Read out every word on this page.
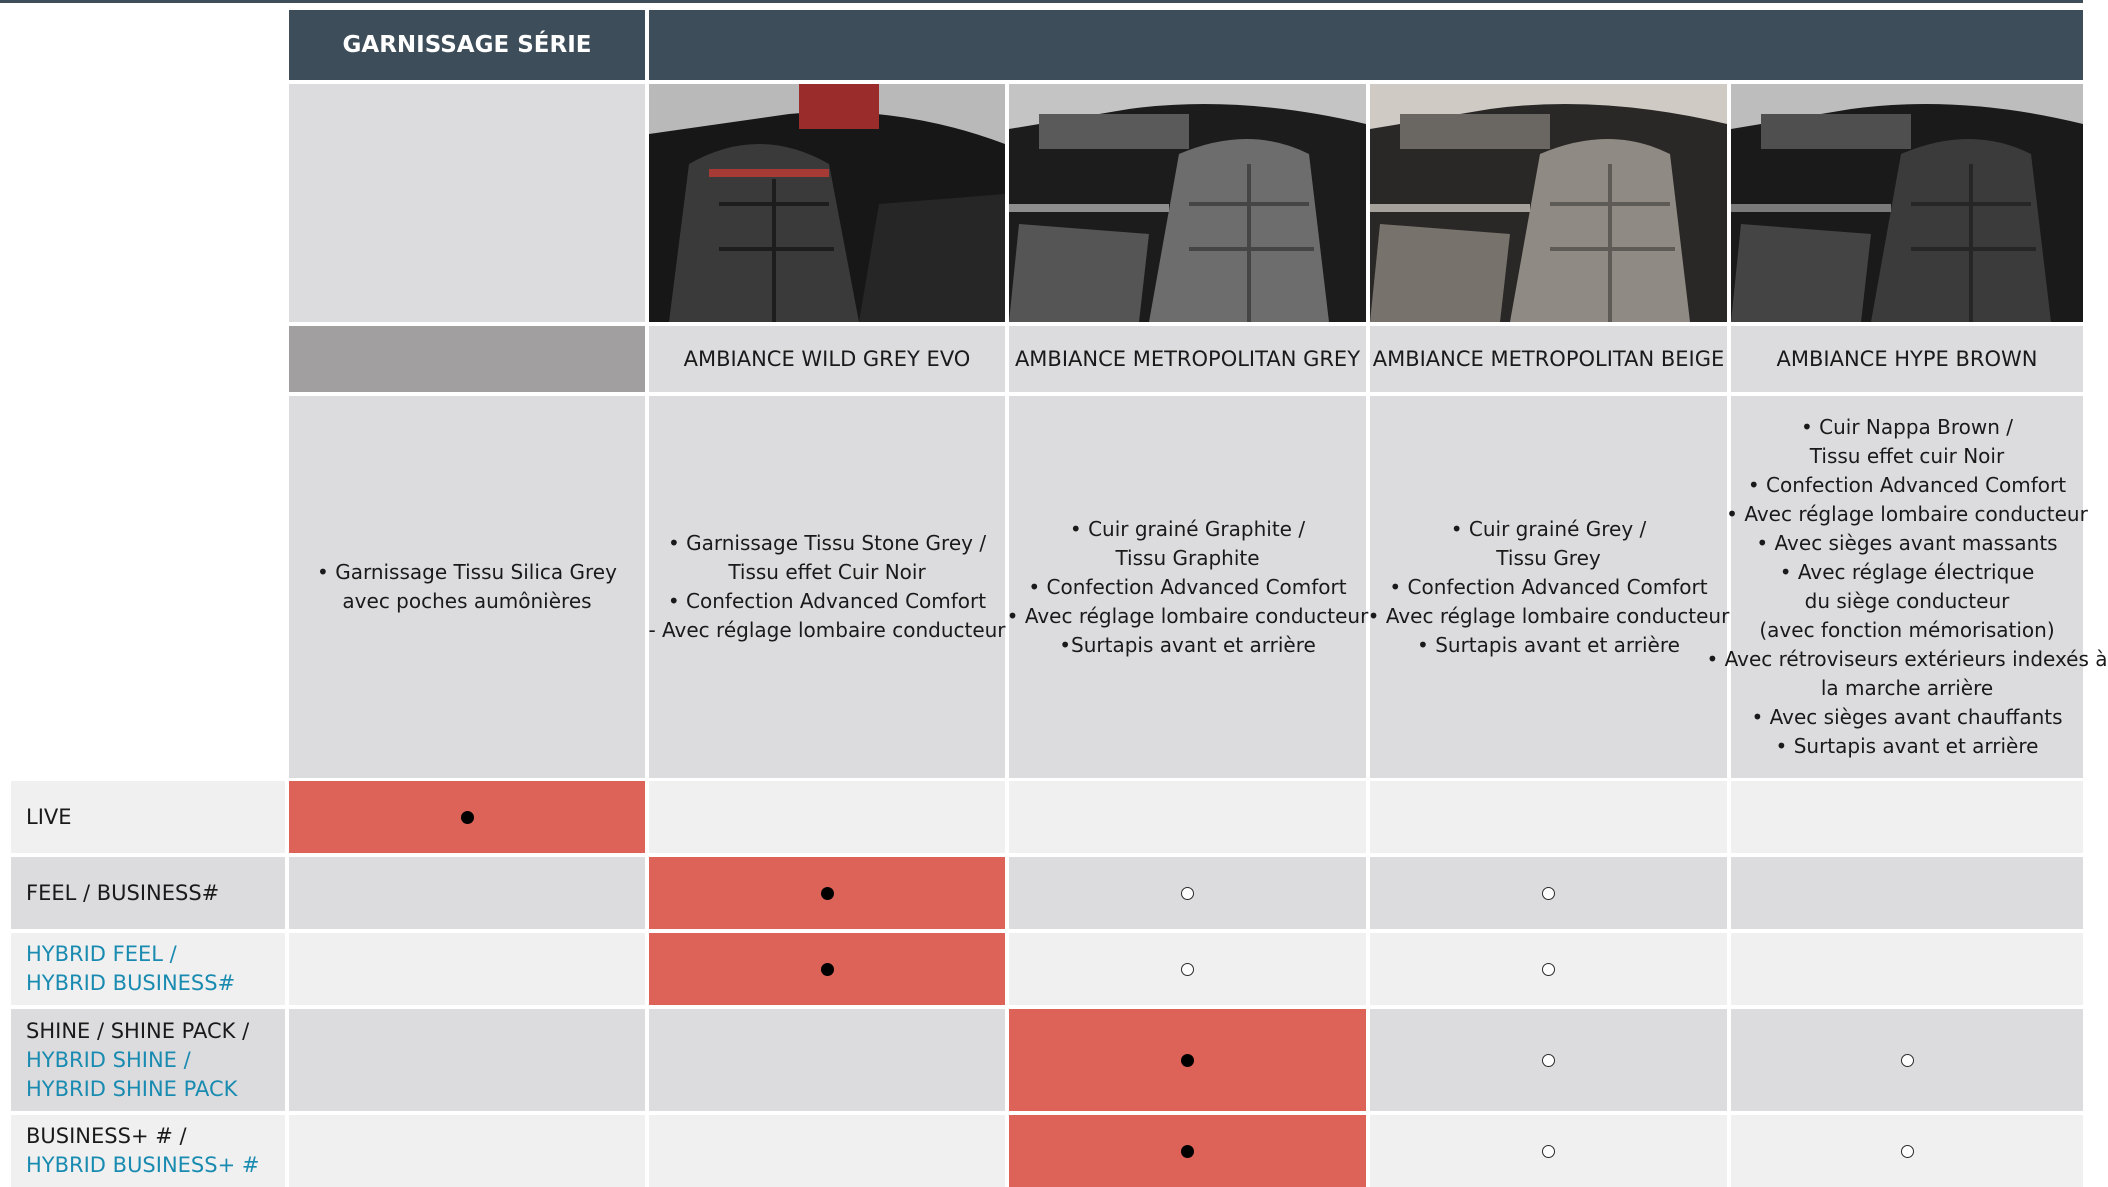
GARNISSAGE SÉRIE
AMBIANCE WILD GREY EVO	AMBIANCE METROPOLITAN GREY AMBIANCE METROPOLITAN BEIGE	AMBIANCE HYPE BROWN
• Garnissage Tissu Silica Grey
avec poches aumônières
• Garnissage Tissu Stone Grey /
Tissu effet Cuir Noir
• Confection Advanced Comfort
- Avec réglage lombaire conducteur
• Cuir grainé Graphite /
Tissu Graphite
• Confection Advanced Comfort
• Avec réglage lombaire conducteur
•Surtapis avant et arrière
• Cuir grainé Grey /
Tissu Grey
• Confection Advanced Comfort
• Avec réglage lombaire conducteur
• Surtapis avant et arrière
• Cuir Nappa Brown /
Tissu effet cuir Noir
• Confection Advanced Comfort
• Avec réglage lombaire conducteur
• Avec sièges avant massants
• Avec réglage électrique
du siège conducteur
(avec fonction mémorisation)
• Avec rétroviseurs extérieurs indexés à
la marche arrière
• Avec sièges avant chauffants
• Surtapis avant et arrière
LIVE
FEEL / BUSINESS#
HYBRID FEEL /
HYBRID BUSINESS#
SHINE / SHINE PACK /
HYBRID SHINE /
HYBRID SHINE PACK
BUSINESS+ # /
HYBRID BUSINESS+ #
